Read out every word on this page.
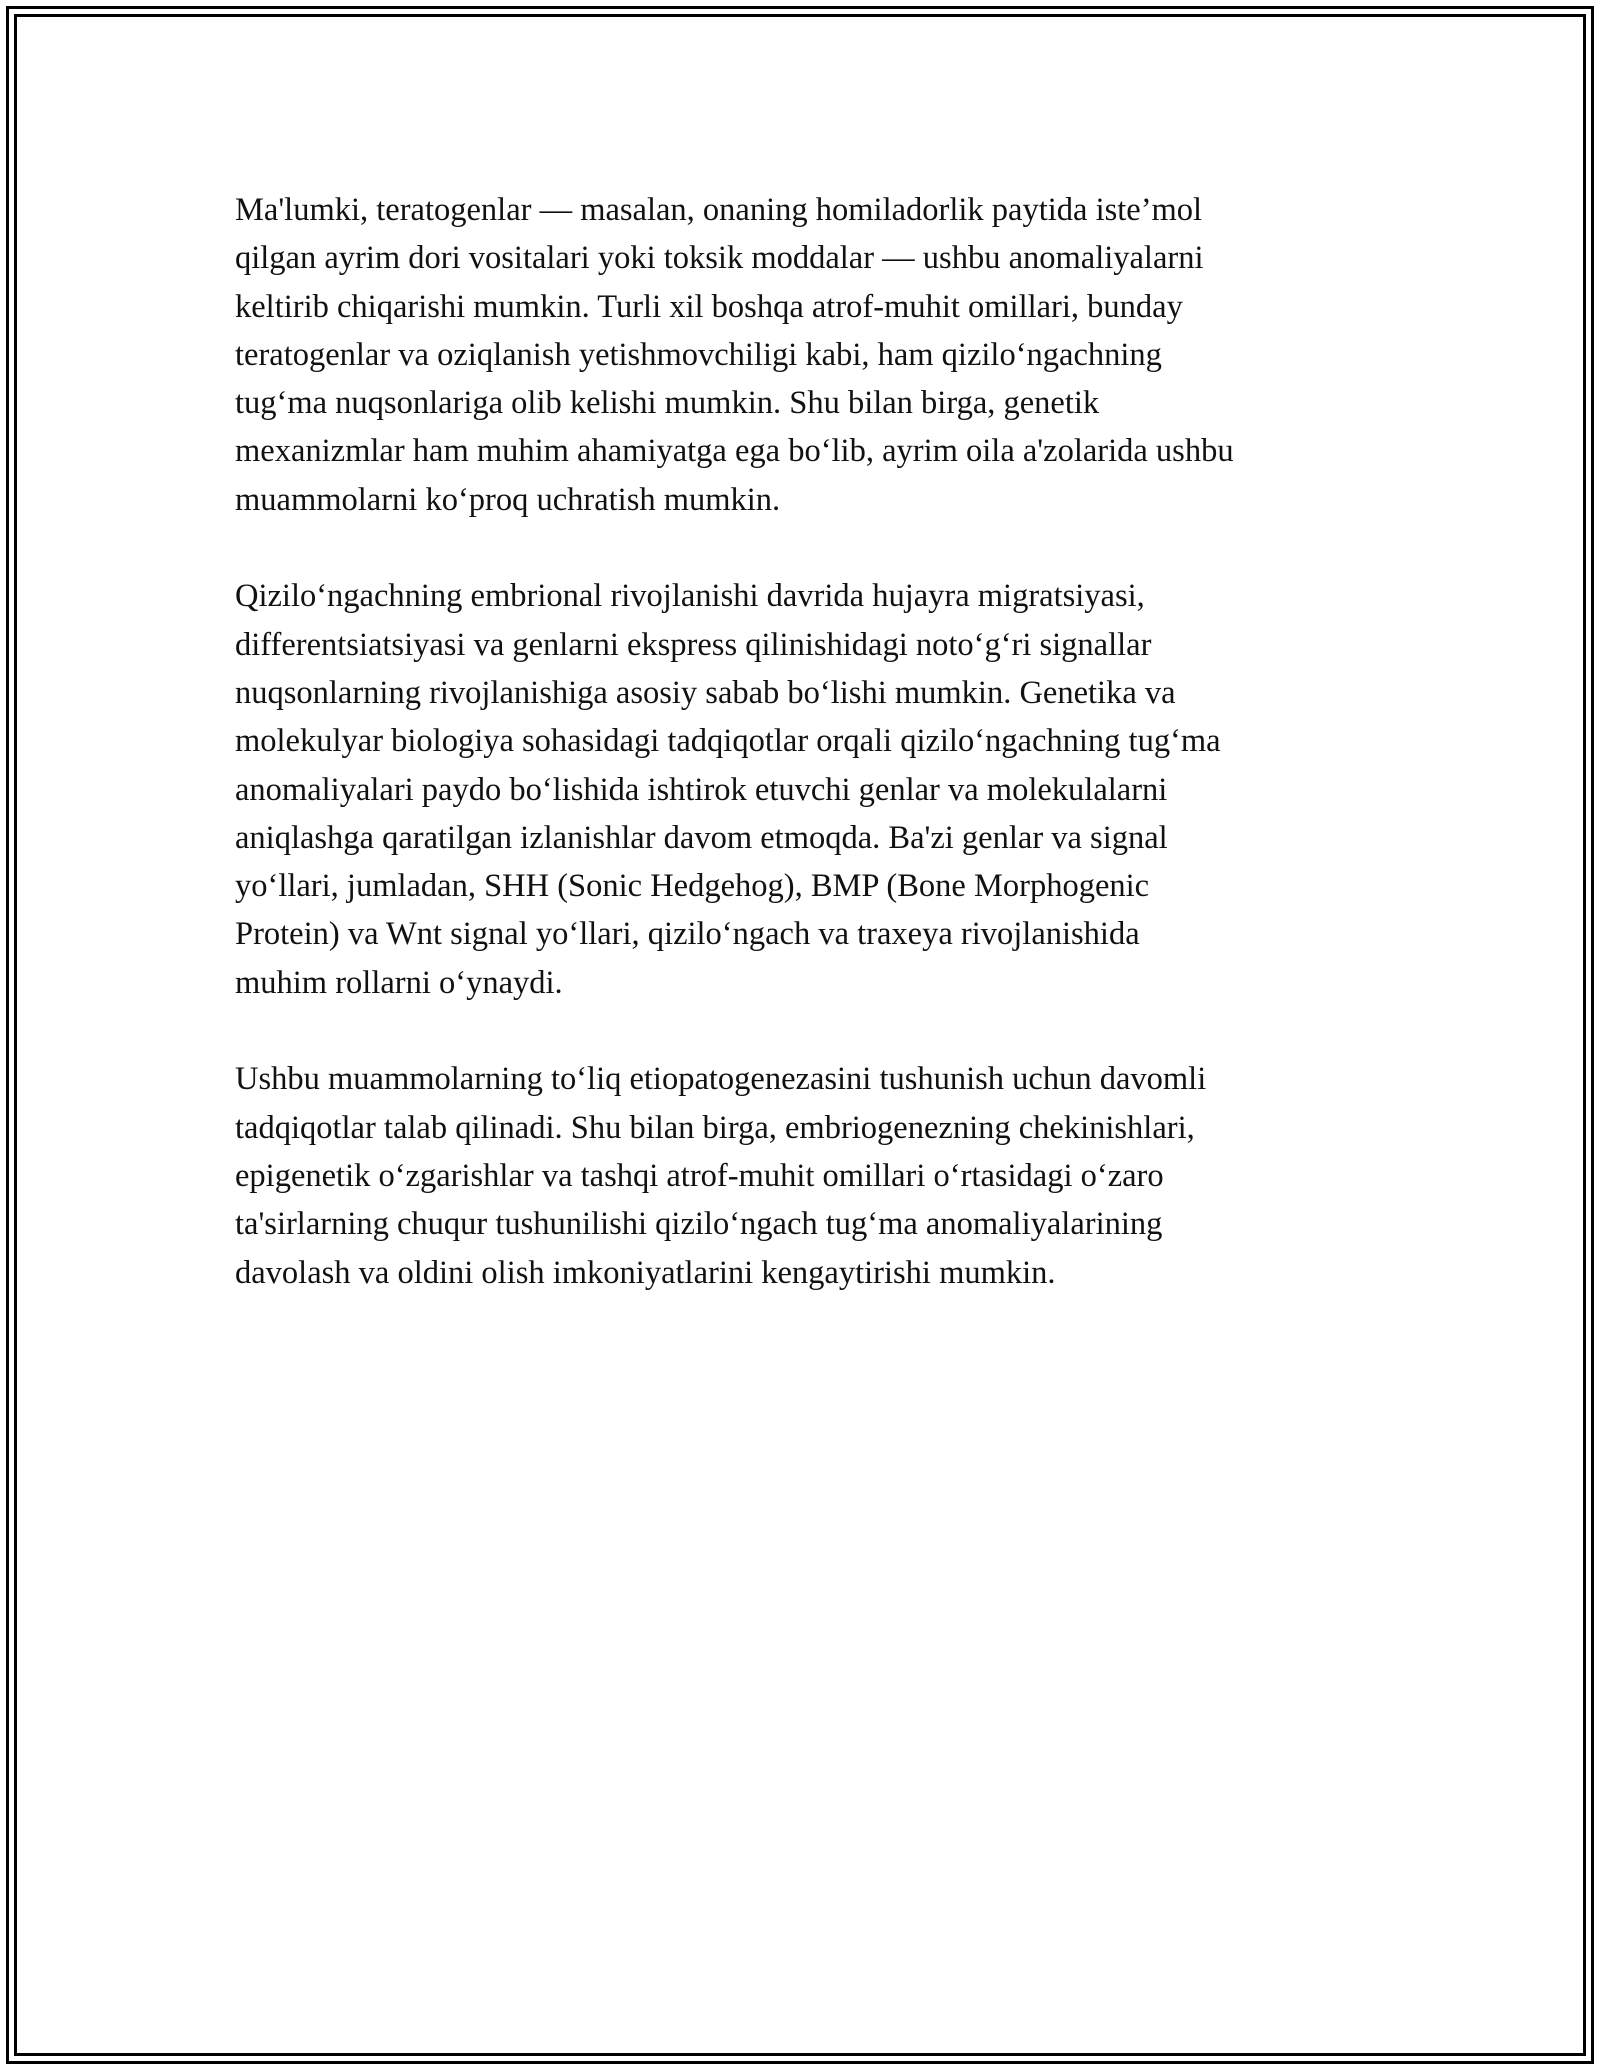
Ma'lumki, teratogenlar — masalan, onaning homiladorlik paytida iste’mol
qilgan ayrim dori vositalari yoki toksik moddalar — ushbu anomaliyalarni
keltirib chiqarishi mumkin. Turli xil boshqa atrof-muhit omillari, bunday
teratogenlar va oziqlanish yetishmovchiligi kabi, ham qizilo‘ngachning
tug‘ma nuqsonlariga olib kelishi mumkin. Shu bilan birga, genetik
mexanizmlar ham muhim ahamiyatga ega bo‘lib, ayrim oila a'zolarida ushbu
muammolarni ko‘proq uchratish mumkin.

Qizilo‘ngachning embrional rivojlanishi davrida hujayra migratsiyasi,
differentsiatsiyasi va genlarni ekspress qilinishidagi noto‘g‘ri signallar
nuqsonlarning rivojlanishiga asosiy sabab bo‘lishi mumkin. Genetika va
molekulyar biologiya sohasidagi tadqiqotlar orqali qizilo‘ngachning tug‘ma
anomaliyalari paydo bo‘lishida ishtirok etuvchi genlar va molekulalarni
aniqlashga qaratilgan izlanishlar davom etmoqda. Ba'zi genlar va signal
yo‘llari, jumladan, SHH (Sonic Hedgehog), BMP (Bone Morphogenic
Protein) va Wnt signal yo‘llari, qizilo‘ngach va traxeya rivojlanishida
muhim rollarni o‘ynaydi.

Ushbu muammolarning to‘liq etiopatogenezasini tushunish uchun davomli
tadqiqotlar talab qilinadi. Shu bilan birga, embriogenezning chekinishlari,
epigenetik o‘zgarishlar va tashqi atrof-muhit omillari o‘rtasidagi o‘zaro
ta'sirlarning chuqur tushunilishi qizilo‘ngach tug‘ma anomaliyalarining
davolash va oldini olish imkoniyatlarini kengaytirishi mumkin.
